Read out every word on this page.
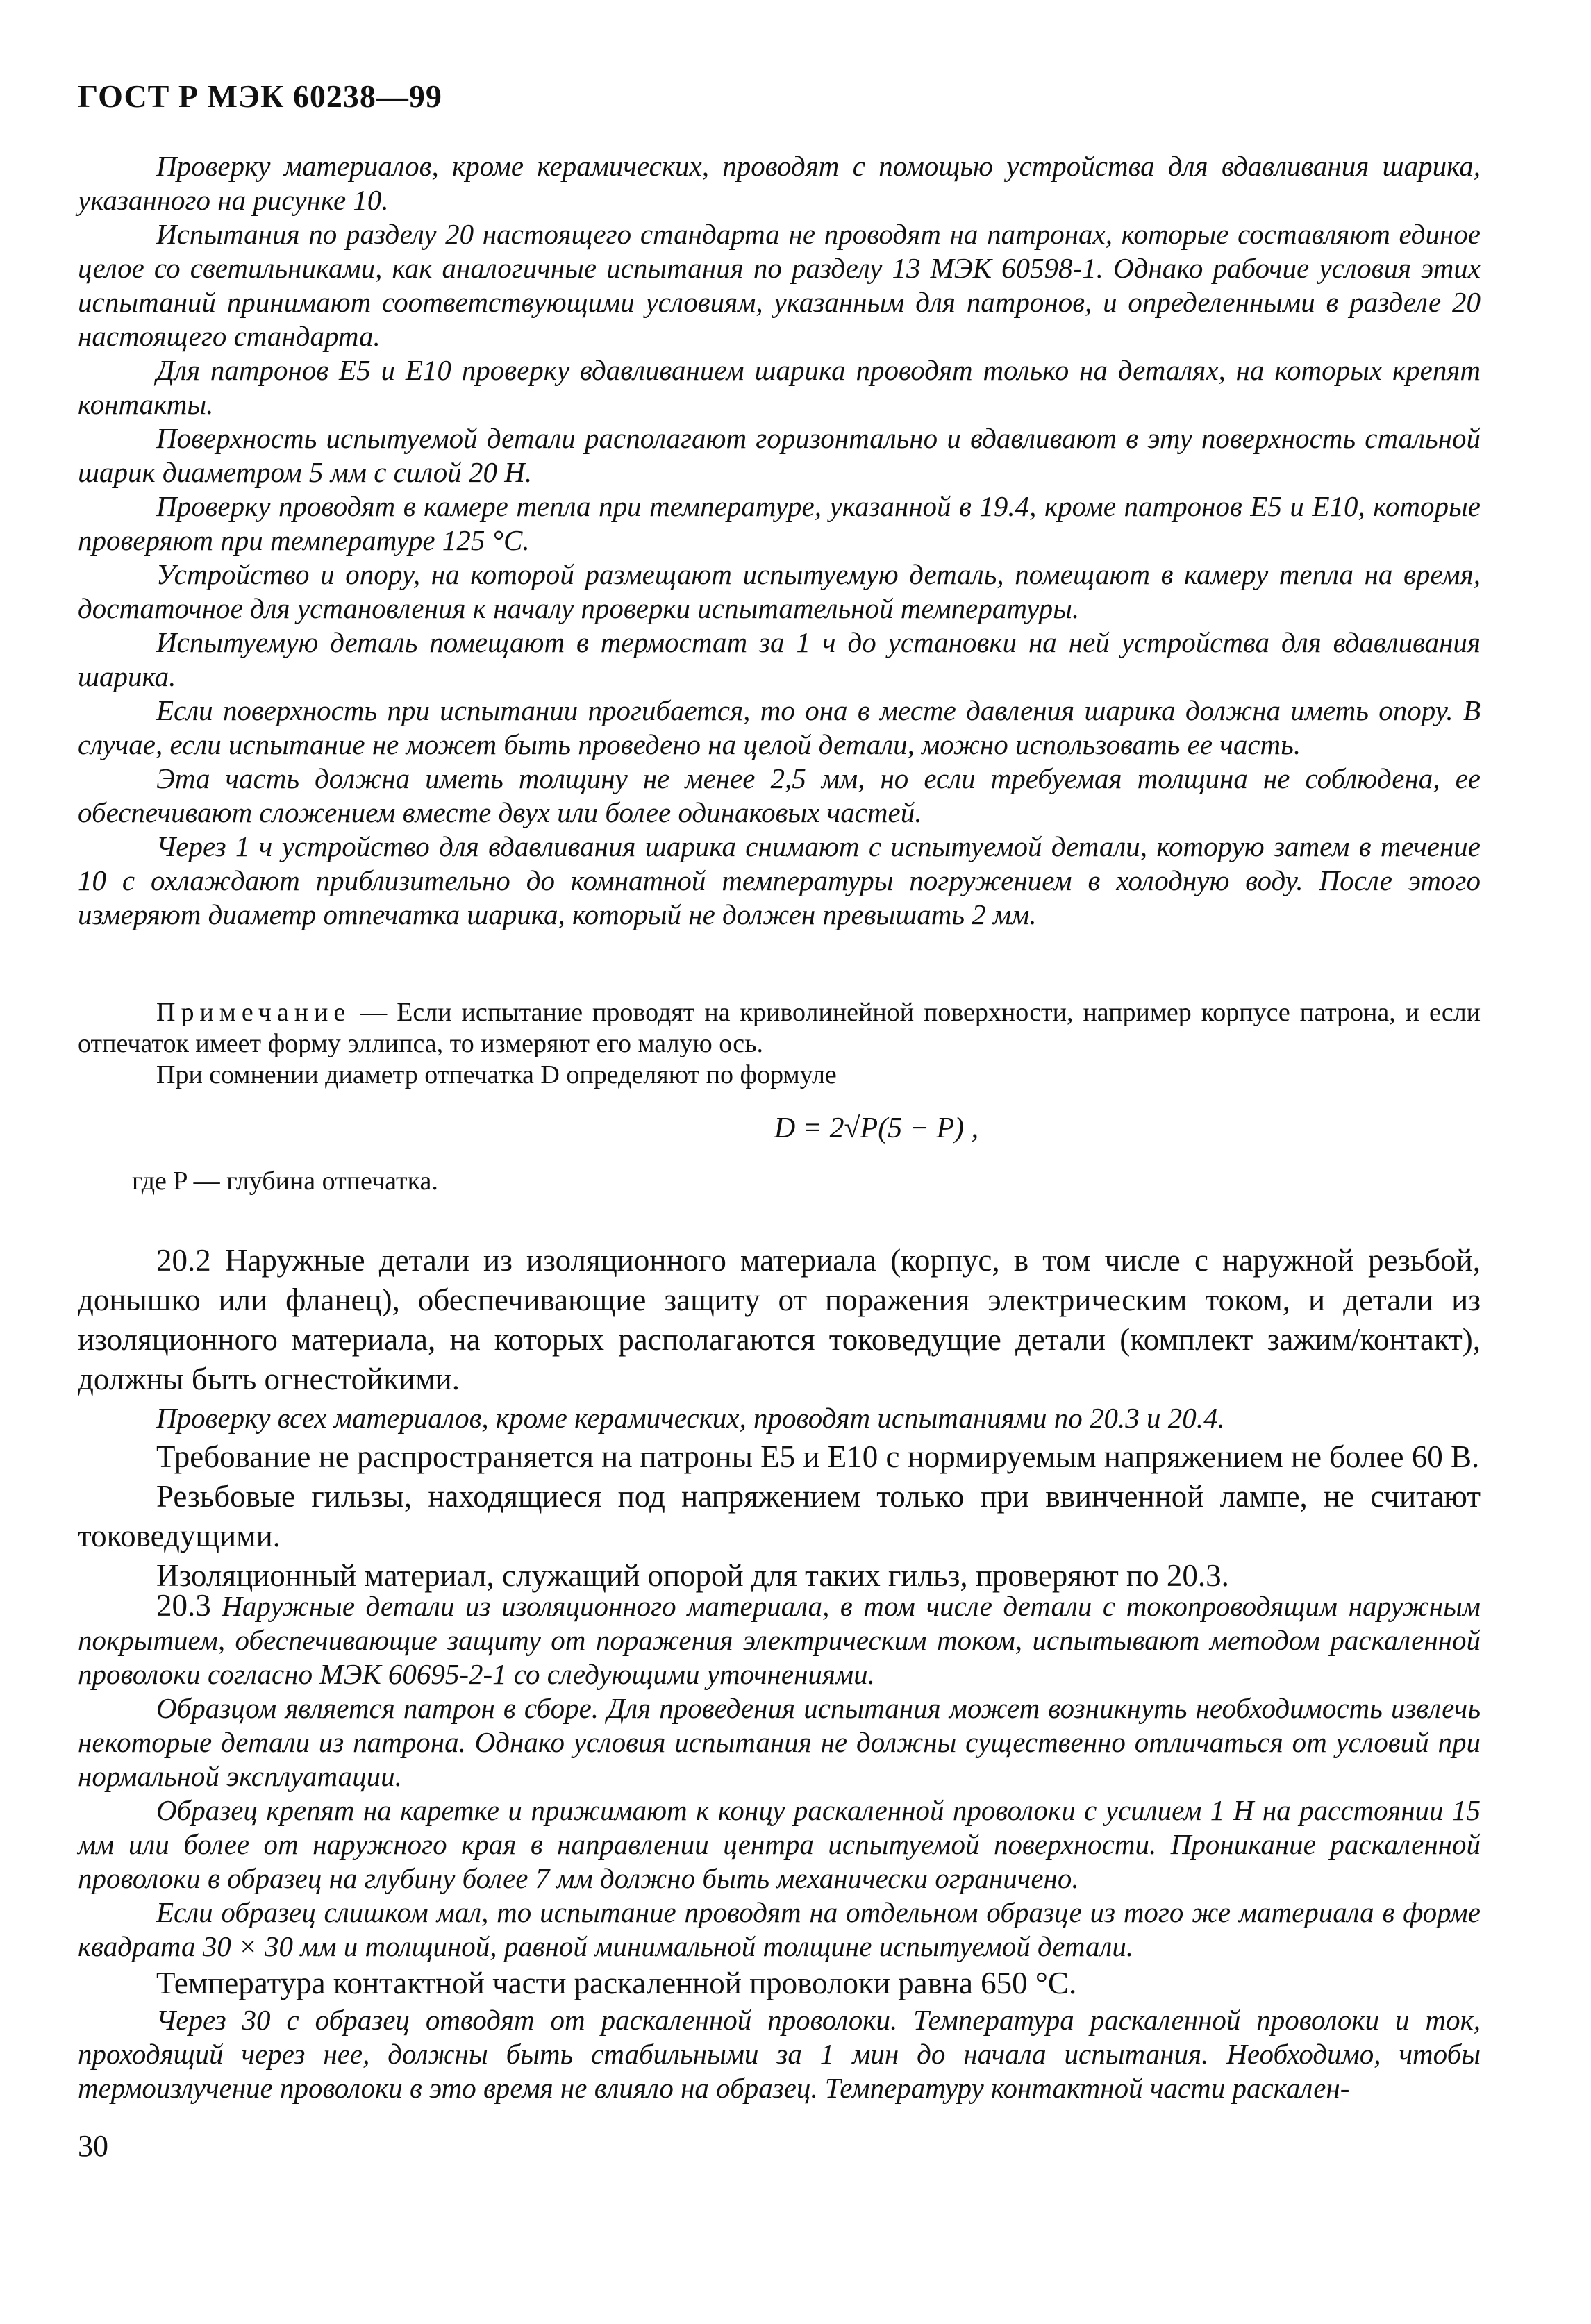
ГОСТ Р МЭК 60238—99

Проверку материалов, кроме керамических, проводят с помощью устройства для вдавливания шарика, указанного на рисунке 10.

Испытания по разделу 20 настоящего стандарта не проводят на патронах, которые составляют единое целое со светильниками, как аналогичные испытания по разделу 13 МЭК 60598-1. Однако рабочие условия этих испытаний принимают соответствующими условиям, указанным для патронов, и определенными в разделе 20 настоящего стандарта.

Для патронов E5 и E10 проверку вдавливанием шарика проводят только на деталях, на которых крепят контакты.

Поверхность испытуемой детали располагают горизонтально и вдавливают в эту поверхность стальной шарик диаметром 5 мм с силой 20 Н.

Проверку проводят в камере тепла при температуре, указанной в 19.4, кроме патронов E5 и E10, которые проверяют при температуре 125 °С.

Устройство и опору, на которой размещают испытуемую деталь, помещают в камеру тепла на время, достаточное для установления к началу проверки испытательной температуры.

Испытуемую деталь помещают в термостат за 1 ч до установки на ней устройства для вдавливания шарика.

Если поверхность при испытании прогибается, то она в месте давления шарика должна иметь опору. В случае, если испытание не может быть проведено на целой детали, можно использовать ее часть.

Эта часть должна иметь толщину не менее 2,5 мм, но если требуемая толщина не соблюдена, ее обеспечивают сложением вместе двух или более одинаковых частей.

Через 1 ч устройство для вдавливания шарика снимают с испытуемой детали, которую затем в течение 10 с охлаждают приблизительно до комнатной температуры погружением в холодную воду. После этого измеряют диаметр отпечатка шарика, который не должен превышать 2 мм.

Примечание — Если испытание проводят на криволинейной поверхности, например корпусе патрона, и если отпечаток имеет форму эллипса, то измеряют его малую ось.

При сомнении диаметр отпечатка D определяют по формуле

D = 2√P(5 − P) ,

где P — глубина отпечатка.

20.2 Наружные детали из изоляционного материала (корпус, в том числе с наружной резьбой, донышко или фланец), обеспечивающие защиту от поражения электрическим током, и детали из изоляционного материала, на которых располагаются токоведущие детали (комплект зажим/контакт), должны быть огнестойкими.

Проверку всех материалов, кроме керамических, проводят испытаниями по 20.3 и 20.4.

Требование не распространяется на патроны E5 и E10 с нормируемым напряжением не более 60 В.

Резьбовые гильзы, находящиеся под напряжением только при ввинченной лампе, не считают токоведущими.

Изоляционный материал, служащий опорой для таких гильз, проверяют по 20.3.

20.3 Наружные детали из изоляционного материала, в том числе детали с токопроводящим наружным покрытием, обеспечивающие защиту от поражения электрическим током, испытывают методом раскаленной проволоки согласно МЭК 60695-2-1 со следующими уточнениями.

Образцом является патрон в сборе. Для проведения испытания может возникнуть необходимость извлечь некоторые детали из патрона. Однако условия испытания не должны существенно отличаться от условий при нормальной эксплуатации.

Образец крепят на каретке и прижимают к концу раскаленной проволоки с усилием 1 Н на расстоянии 15 мм или более от наружного края в направлении центра испытуемой поверхности. Проникание раскаленной проволоки в образец на глубину более 7 мм должно быть механически ограничено.

Если образец слишком мал, то испытание проводят на отдельном образце из того же материала в форме квадрата 30 × 30 мм и толщиной, равной минимальной толщине испытуемой детали.

Температура контактной части раскаленной проволоки равна 650 °С.

Через 30 с образец отводят от раскаленной проволоки. Температура раскаленной проволоки и ток, проходящий через нее, должны быть стабильными за 1 мин до начала испытания. Необходимо, чтобы термоизлучение проволоки в это время не влияло на образец. Температуру контактной части раскален-

30
